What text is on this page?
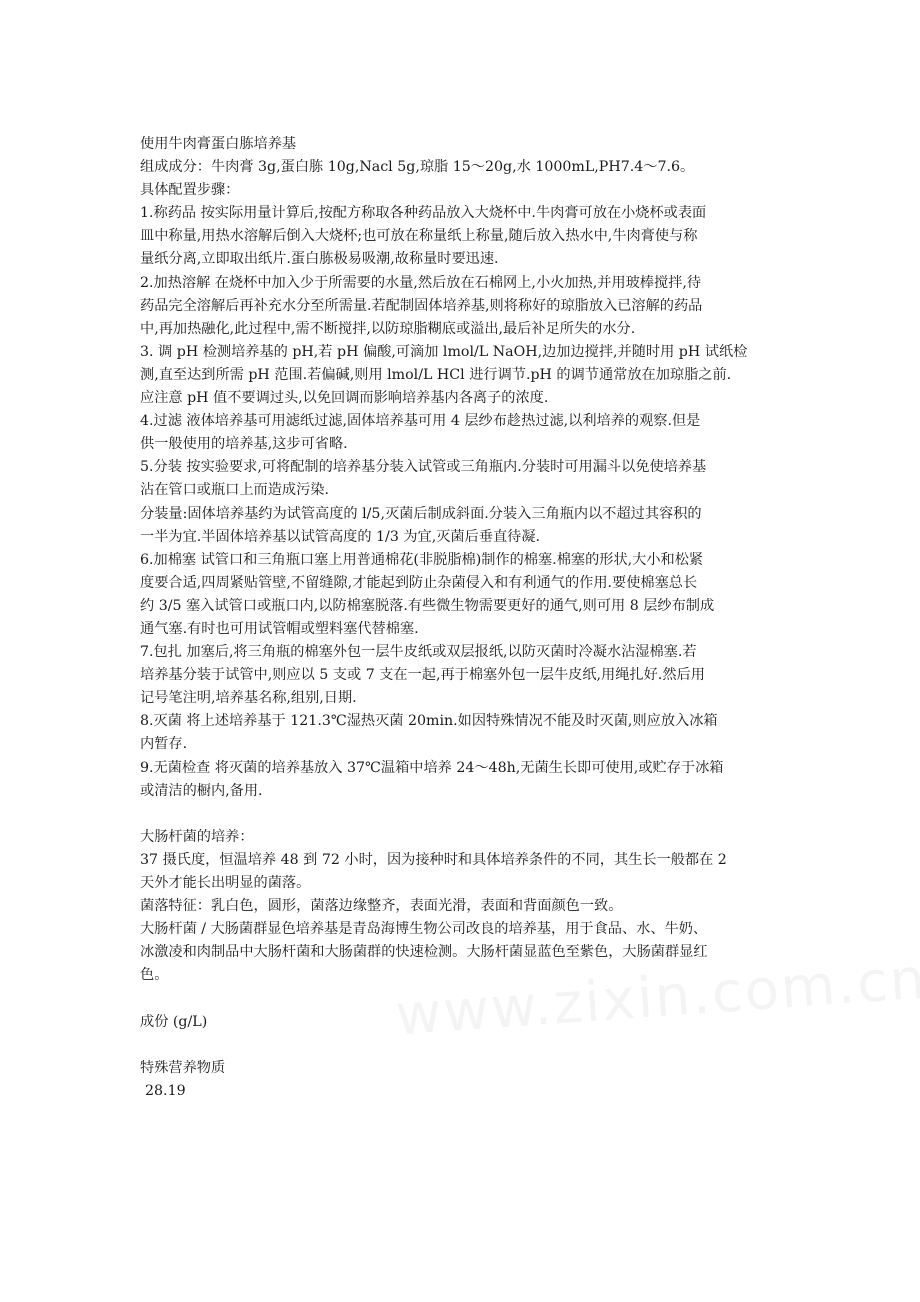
使用牛肉膏蛋白胨培养基
组成成分：牛肉膏 3g,蛋白胨 10g,Nacl 5g,琼脂 15～20g,水 1000mL,PH7.4～7.6。
具体配置步骤：
1.称药品 按实际用量计算后,按配方称取各种药品放入大烧杯中.牛肉膏可放在小烧杯或表面
皿中称量,用热水溶解后倒入大烧杯;也可放在称量纸上称量,随后放入热水中,牛肉膏使与称
量纸分离,立即取出纸片.蛋白胨极易吸潮,故称量时要迅速.
2.加热溶解 在烧杯中加入少于所需要的水量,然后放在石棉网上,小火加热,并用玻棒搅拌,待
药品完全溶解后再补充水分至所需量.若配制固体培养基,则将称好的琼脂放入已溶解的药品
中,再加热融化,此过程中,需不断搅拌,以防琼脂糊底或溢出,最后补足所失的水分.
3. 调 pH 检测培养基的 pH,若 pH 偏酸,可滴加 lmol/L NaOH,边加边搅拌,并随时用 pH 试纸检
测,直至达到所需 pH 范围.若偏碱,则用 lmol/L HCl 进行调节.pH 的调节通常放在加琼脂之前.
应注意 pH 值不要调过头,以免回调而影响培养基内各离子的浓度.
4.过滤 液体培养基可用滤纸过滤,固体培养基可用 4 层纱布趁热过滤,以利培养的观察.但是
供一般使用的培养基,这步可省略.
5.分装 按实验要求,可将配制的培养基分装入试管或三角瓶内.分装时可用漏斗以免使培养基
沾在管口或瓶口上而造成污染.
分装量:固体培养基约为试管高度的 l/5,灭菌后制成斜面.分装入三角瓶内以不超过其容积的
一半为宜.半固体培养基以试管高度的 1/3 为宜,灭菌后垂直待凝.
6.加棉塞 试管口和三角瓶口塞上用普通棉花(非脱脂棉)制作的棉塞.棉塞的形状,大小和松紧
度要合适,四周紧贴管壁,不留缝隙,才能起到防止杂菌侵入和有利通气的作用.要使棉塞总长
约 3/5 塞入试管口或瓶口内,以防棉塞脱落.有些微生物需要更好的通气,则可用 8 层纱布制成
通气塞.有时也可用试管帽或塑料塞代替棉塞.
7.包扎 加塞后,将三角瓶的棉塞外包一层牛皮纸或双层报纸,以防灭菌时冷凝水沾湿棉塞.若
培养基分装于试管中,则应以 5 支或 7 支在一起,再于棉塞外包一层牛皮纸,用绳扎好.然后用
记号笔注明,培养基名称,组别,日期.
8.灭菌 将上述培养基于 121.3℃湿热灭菌 20min.如因特殊情况不能及时灭菌,则应放入冰箱
内暂存.
9.无菌检查 将灭菌的培养基放入 37℃温箱中培养 24～48h,无菌生长即可使用,或贮存于冰箱
或清洁的橱内,备用.
大肠杆菌的培养：
37 摄氏度，恒温培养 48 到 72 小时，因为接种时和具体培养条件的不同，其生长一般都在 2
天外才能长出明显的菌落。
菌落特征：乳白色，圆形，菌落边缘整齐，表面光滑，表面和背面颜色一致。
大肠杆菌 / 大肠菌群显色培养基是青岛海博生物公司改良的培养基，用于食品、水、牛奶、
冰激凌和肉制品中大肠杆菌和大肠菌群的快速检测。大肠杆菌显蓝色至紫色，大肠菌群显红
色。
成份 (g/L)
特殊营养物质
28.19
